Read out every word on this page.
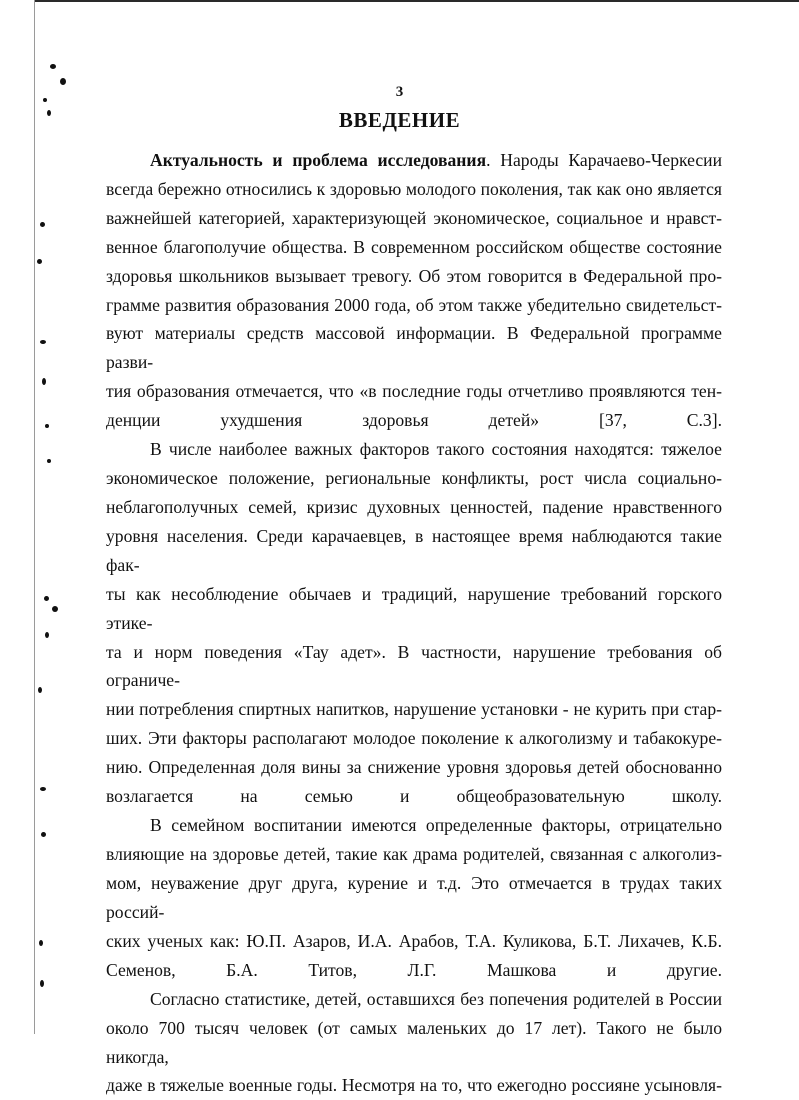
3
ВВЕДЕНИЕ

Актуальность и проблема исследования. Народы Карачаево-Черкесии
всегда бережно относились к здоровью молодого поколения, так как оно является
важнейшей категорией, характеризующей экономическое, социальное и нравст-
венное благополучие общества. В современном российском обществе состояние
здоровья школьников вызывает тревогу. Об этом говорится в Федеральной про-
грамме развития образования 2000 года, об этом также убедительно свидетельст-
вуют материалы средств массовой информации. В Федеральной программе разви-
тия образования отмечается, что «в последние годы отчетливо проявляются тен-
денции ухудшения здоровья детей» [37, С.3].

В числе наиболее важных факторов такого состояния находятся: тяжелое
экономическое положение, региональные конфликты, рост числа социально-
неблагополучных семей, кризис духовных ценностей, падение нравственного
уровня населения. Среди карачаевцев, в настоящее время наблюдаются такие фак-
ты как несоблюдение обычаев и традиций, нарушение требований горского этике-
та и норм поведения «Тау адет». В частности, нарушение требования об ограниче-
нии потребления спиртных напитков, нарушение установки - не курить при стар-
ших. Эти факторы располагают молодое поколение к алкоголизму и табакокуре-
нию. Определенная доля вины за снижение уровня здоровья детей обоснованно
возлагается на семью и общеобразовательную школу.

В семейном воспитании имеются определенные факторы, отрицательно
влияющие на здоровье детей, такие как драма родителей, связанная с алкоголиз-
мом, неуважение друг друга, курение и т.д. Это отмечается в трудах таких россий-
ских ученых как: Ю.П. Азаров, И.А. Арабов, Т.А. Куликова, Б.Т. Лихачев, К.Б.
Семенов, Б.А. Титов, Л.Г. Машкова и другие.

Согласно статистике, детей, оставшихся без попечения родителей в России
около 700 тысяч человек (от самых маленьких до 17 лет). Такого не было никогда,
даже в тяжелые военные годы. Несмотря на то, что ежегодно россияне усыновля-
